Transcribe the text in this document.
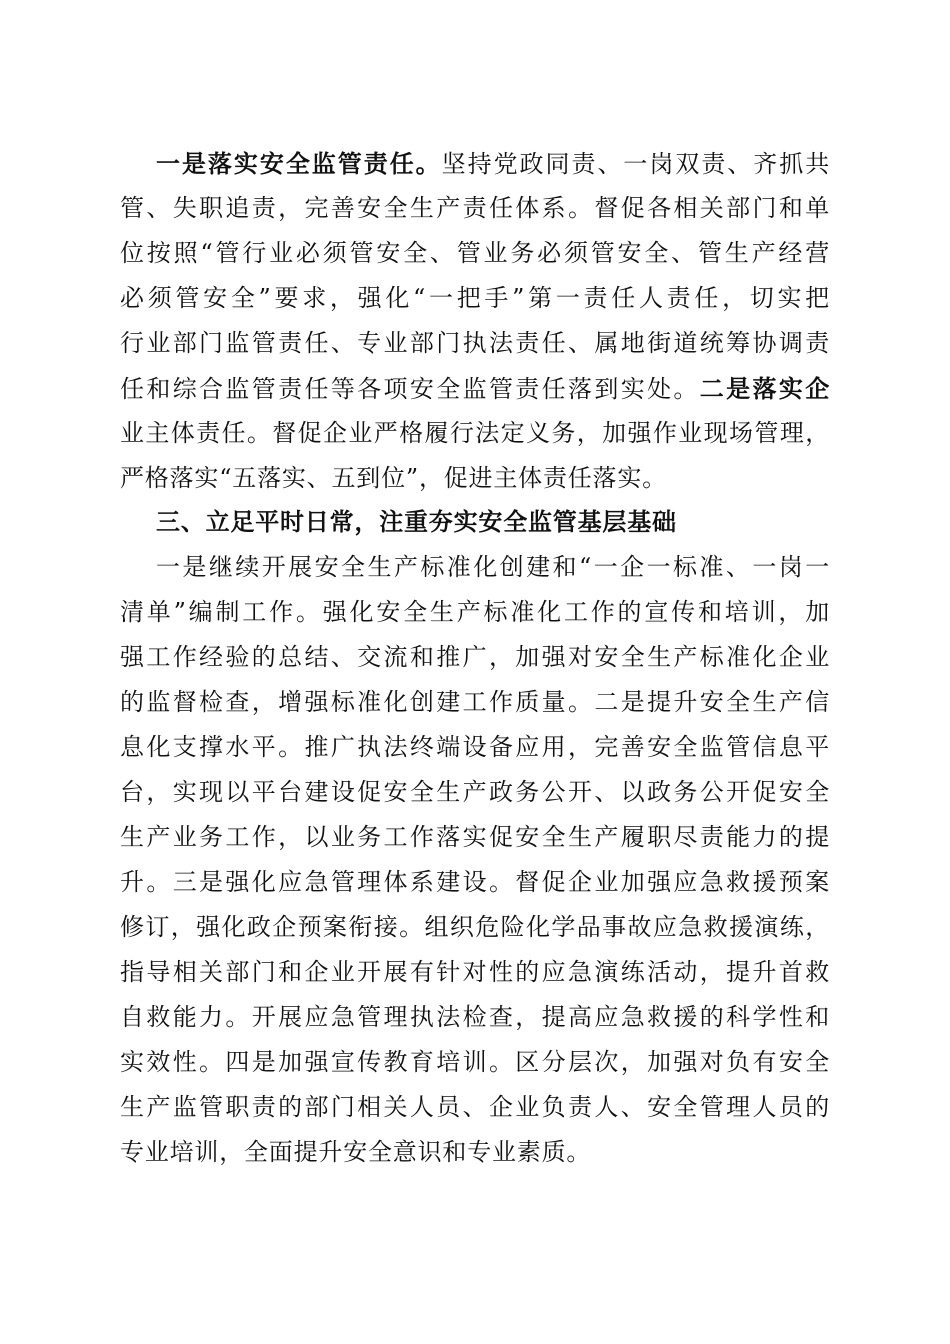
一是落实安全监管责任。坚持党政同责、一岗双责、齐抓共
管、失职追责，完善安全生产责任体系。督促各相关部门和单
位按照“管行业必须管安全、管业务必须管安全、管生产经营
必须管安全”要求，强化“一把手”第一责任人责任，切实把
行业部门监管责任、专业部门执法责任、属地街道统筹协调责
任和综合监管责任等各项安全监管责任落到实处。二是落实企
业主体责任。督促企业严格履行法定义务，加强作业现场管理，
严格落实“五落实、五到位”，促进主体责任落实。
三、立足平时日常，注重夯实安全监管基层基础
一是继续开展安全生产标准化创建和“一企一标准、一岗一
清单”编制工作。强化安全生产标准化工作的宣传和培训，加
强工作经验的总结、交流和推广，加强对安全生产标准化企业
的监督检查，增强标准化创建工作质量。二是提升安全生产信
息化支撑水平。推广执法终端设备应用，完善安全监管信息平
台，实现以平台建设促安全生产政务公开、以政务公开促安全
生产业务工作，以业务工作落实促安全生产履职尽责能力的提
升。三是强化应急管理体系建设。督促企业加强应急救援预案
修订，强化政企预案衔接。组织危险化学品事故应急救援演练，
指导相关部门和企业开展有针对性的应急演练活动，提升首救
自救能力。开展应急管理执法检查，提高应急救援的科学性和
实效性。四是加强宣传教育培训。区分层次，加强对负有安全
生产监管职责的部门相关人员、企业负责人、安全管理人员的
专业培训，全面提升安全意识和专业素质。
